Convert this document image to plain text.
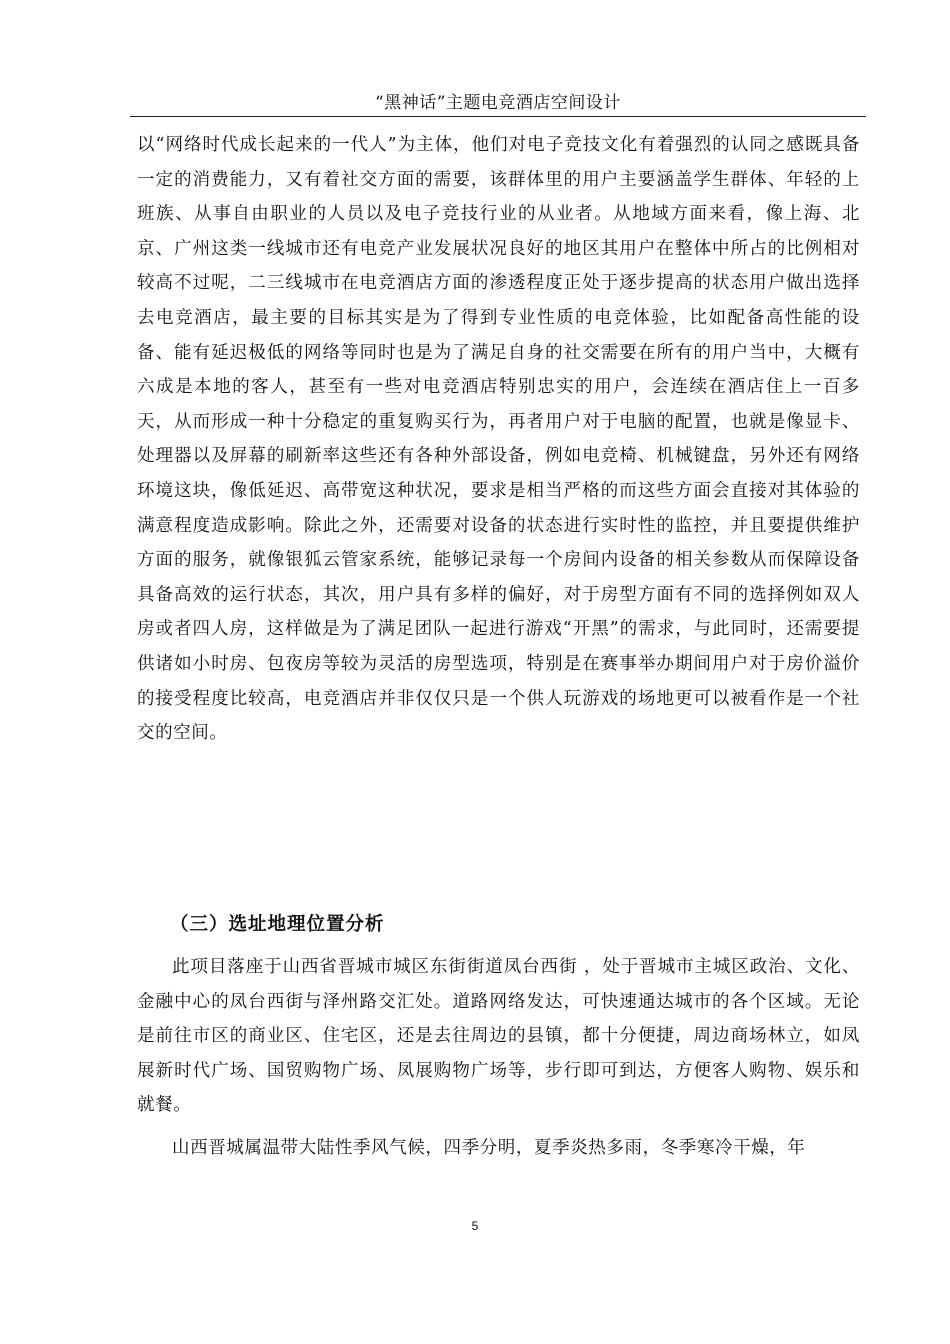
“黑神话”主题电竞酒店空间设计

以“网络时代成长起来的一代人”为主体，他们对电子竞技文化有着强烈的认同之感既具备一定的消费能力，又有着社交方面的需要，该群体里的用户主要涵盖学生群体、年轻的上班族、从事自由职业的人员以及电子竞技行业的从业者。从地域方面来看，像上海、北京、广州这类一线城市还有电竞产业发展状况良好的地区其用户在整体中所占的比例相对较高不过呢，二三线城市在电竞酒店方面的渗透程度正处于逐步提高的状态用户做出选择去电竞酒店，最主要的目标其实是为了得到专业性质的电竞体验，比如配备高性能的设备、能有延迟极低的网络等同时也是为了满足自身的社交需要在所有的用户当中，大概有六成是本地的客人，甚至有一些对电竞酒店特别忠实的用户，会连续在酒店住上一百多天，从而形成一种十分稳定的重复购买行为，再者用户对于电脑的配置，也就是像显卡、处理器以及屏幕的刷新率这些还有各种外部设备，例如电竞椅、机械键盘，另外还有网络环境这块，像低延迟、高带宽这种状况，要求是相当严格的而这些方面会直接对其体验的满意程度造成影响。除此之外，还需要对设备的状态进行实时性的监控，并且要提供维护方面的服务，就像银狐云管家系统，能够记录每一个房间内设备的相关参数从而保障设备具备高效的运行状态，其次，用户具有多样的偏好，对于房型方面有不同的选择例如双人房或者四人房，这样做是为了满足团队一起进行游戏“开黑”的需求，与此同时，还需要提供诸如小时房、包夜房等较为灵活的房型选项，特别是在赛事举办期间用户对于房价溢价的接受程度比较高，电竞酒店并非仅仅只是一个供人玩游戏的场地更可以被看作是一个社交的空间。

（三）选址地理位置分析

此项目落座于山西省晋城市城区东街街道凤台西街 ，处于晋城市主城区政治、文化、金融中心的凤台西街与泽州路交汇处。道路网络发达，可快速通达城市的各个区域。无论是前往市区的商业区、住宅区，还是去往周边的县镇，都十分便捷，周边商场林立，如凤展新时代广场、国贸购物广场、凤展购物广场等，步行即可到达，方便客人购物、娱乐和就餐。

山西晋城属温带大陆性季风气候，四季分明，夏季炎热多雨，冬季寒冷干燥，年

5
